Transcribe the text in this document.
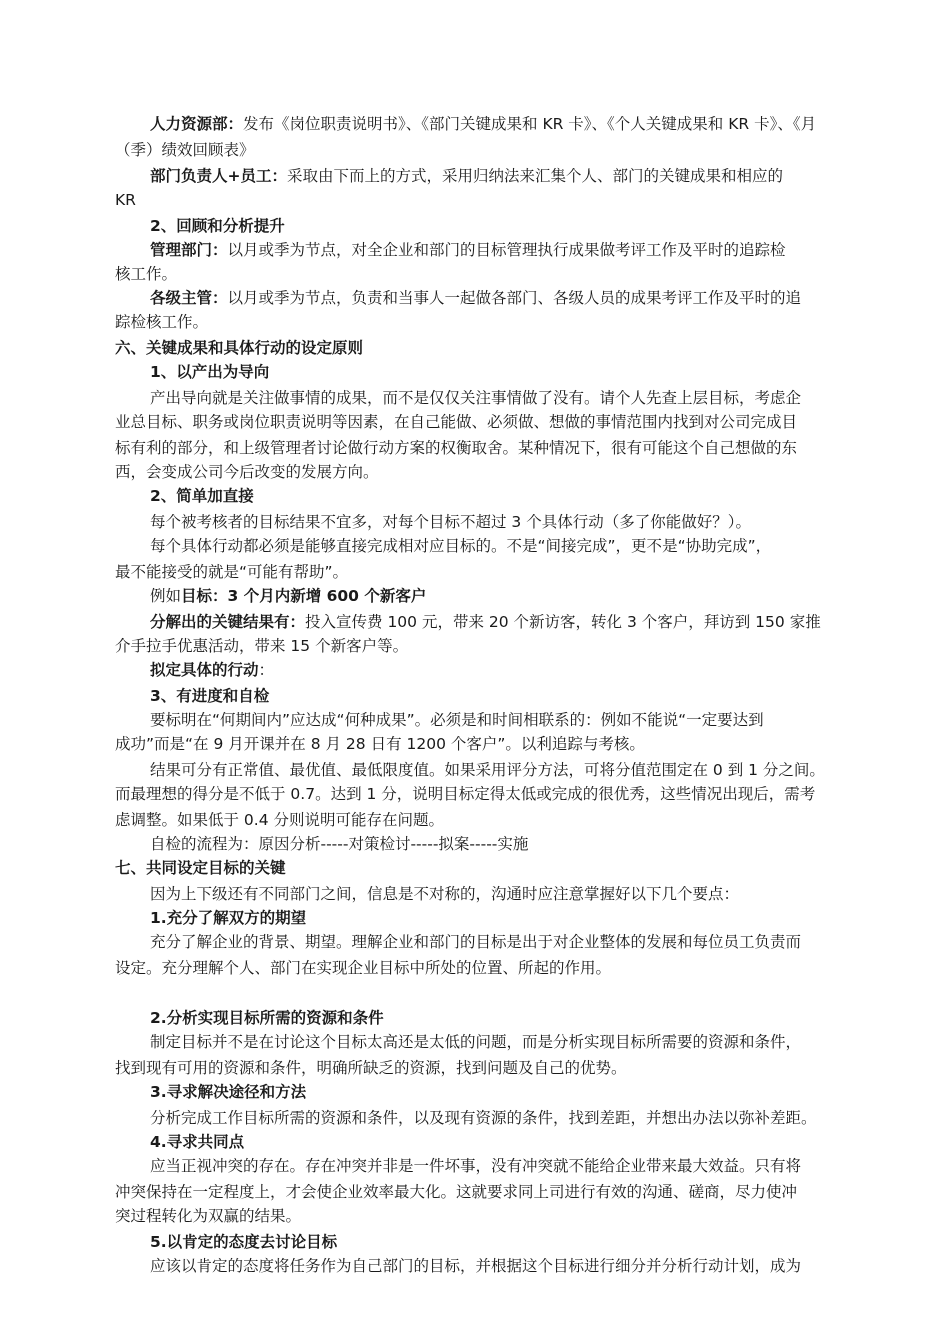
人力资源部：发布《岗位职责说明书》、《部门关键成果和 KR 卡》、《个人关键成果和 KR 卡》、《月
（季）绩效回顾表》
部门负责人+员工：采取由下而上的方式，采用归纳法来汇集个人、部门的关键成果和相应的
KR
2、回顾和分析提升
管理部门：以月或季为节点，对全企业和部门的目标管理执行成果做考评工作及平时的追踪检
核工作。
各级主管：以月或季为节点，负责和当事人一起做各部门、各级人员的成果考评工作及平时的追
踪检核工作。
六、关键成果和具体行动的设定原则
1、以产出为导向
产出导向就是关注做事情的成果，而不是仅仅关注事情做了没有。请个人先查上层目标，考虑企
业总目标、职务或岗位职责说明等因素，在自己能做、必须做、想做的事情范围内找到对公司完成目
标有利的部分，和上级管理者讨论做行动方案的权衡取舍。某种情况下，很有可能这个自己想做的东
西，会变成公司今后改变的发展方向。
2、简单加直接
每个被考核者的目标结果不宜多，对每个目标不超过 3 个具体行动（多了你能做好？）。
每个具体行动都必须是能够直接完成相对应目标的。不是“间接完成”，更不是“协助完成”，
最不能接受的就是“可能有帮助”。
例如目标：3 个月内新增 600 个新客户
分解出的关键结果有：投入宣传费 100 元，带来 20 个新访客，转化 3 个客户，拜访到 150 家推
介手拉手优惠活动，带来 15 个新客户等。
拟定具体的行动：
3、有进度和自检
要标明在“何期间内”应达成“何种成果”。必须是和时间相联系的：例如不能说“一定要达到
成功”而是“在 9 月开课并在 8 月 28 日有 1200 个客户”。以利追踪与考核。
结果可分有正常值、最优值、最低限度值。如果采用评分方法，可将分值范围定在 0 到 1 分之间。
而最理想的得分是不低于 0.7。达到 1 分，说明目标定得太低或完成的很优秀，这些情况出现后，需考
虑调整。如果低于 0.4 分则说明可能存在问题。
自检的流程为：原因分析-----对策检讨-----拟案-----实施
七、共同设定目标的关键
因为上下级还有不同部门之间，信息是不对称的，沟通时应注意掌握好以下几个要点：
1.充分了解双方的期望
充分了解企业的背景、期望。理解企业和部门的目标是出于对企业整体的发展和每位员工负责而
设定。充分理解个人、部门在实现企业目标中所处的位置、所起的作用。
2.分析实现目标所需的资源和条件
制定目标并不是在讨论这个目标太高还是太低的问题，而是分析实现目标所需要的资源和条件，
找到现有可用的资源和条件，明确所缺乏的资源，找到问题及自己的优势。
3.寻求解决途径和方法
分析完成工作目标所需的资源和条件，以及现有资源的条件，找到差距，并想出办法以弥补差距。
4.寻求共同点
应当正视冲突的存在。存在冲突并非是一件坏事，没有冲突就不能给企业带来最大效益。只有将
冲突保持在一定程度上，才会使企业效率最大化。这就要求同上司进行有效的沟通、磋商，尽力使冲
突过程转化为双赢的结果。
5.以肯定的态度去讨论目标
应该以肯定的态度将任务作为自己部门的目标，并根据这个目标进行细分并分析行动计划，成为
